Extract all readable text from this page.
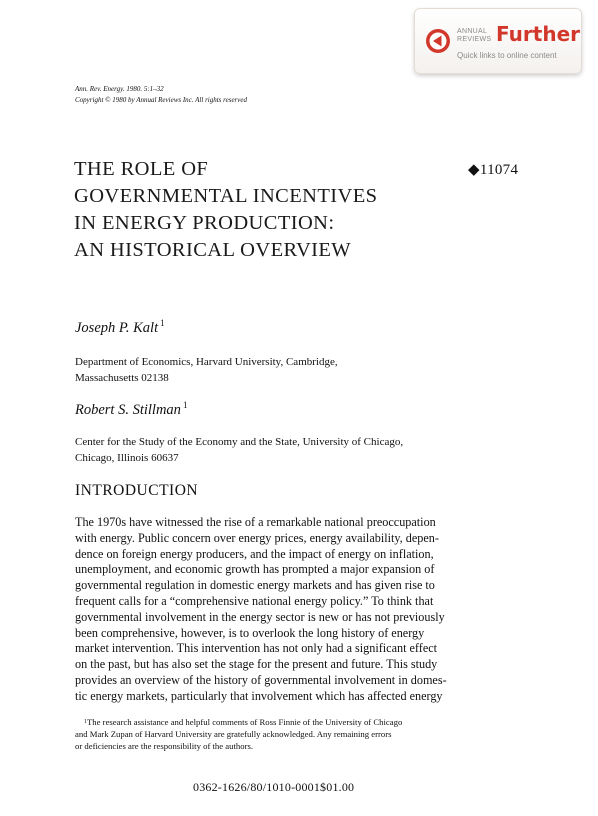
ANNUAL
REVIEWS Further
Quick links to online content
Ann. Rev. Energy. 1980. 5:1–32
Copyright © 1980 by Annual Reviews Inc. All rights reserved
THE ROLE OF
GOVERNMENTAL INCENTIVES
IN ENERGY PRODUCTION:
AN HISTORICAL OVERVIEW
◆11074
Joseph P. Kalt $^1$
Department of Economics, Harvard University, Cambridge,
Massachusetts 02138
Robert S. Stillman $^1$
Center for the Study of the Economy and the State, University of Chicago,
Chicago, Illinois 60637
INTRODUCTION
The 1970s have witnessed the rise of a remarkable national preoccupation
with energy. Public concern over energy prices, energy availability, depen-
dence on foreign energy producers, and the impact of energy on inflation,
unemployment, and economic growth has prompted a major expansion of
governmental regulation in domestic energy markets and has given rise to
frequent calls for a “comprehensive national energy policy.” To think that
governmental involvement in the energy sector is new or has not previously
been comprehensive, however, is to overlook the long history of energy
market intervention. This intervention has not only had a significant effect
on the past, but has also set the stage for the present and future. This study
provides an overview of the history of governmental involvement in domes-
tic energy markets, particularly that involvement which has affected energy
$^1$The research assistance and helpful comments of Ross Finnie of the University of Chicago
and Mark Zupan of Harvard University are gratefully acknowledged. Any remaining errors
or deficiencies are the responsibility of the authors.
0362-1626/80/1010-0001$01.00
